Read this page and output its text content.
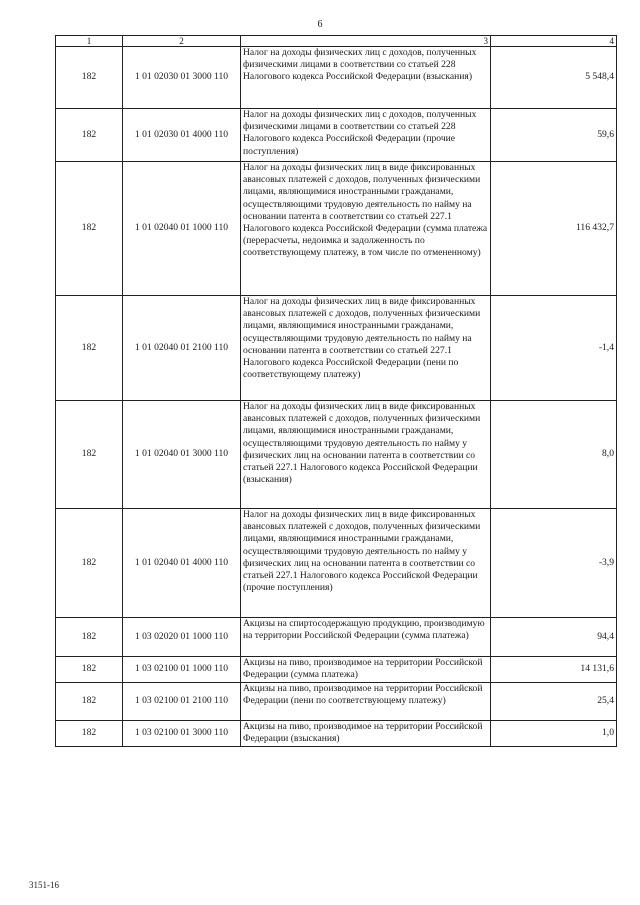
6
1	2	3	4
182	1 01 02030 01 3000 110	Налог на доходы физических лиц с доходов, полученных физическими лицами в соответствии со статьей 228 Налогового кодекса Российской Федерации (взыскания)	5 548,4
182	1 01 02030 01 4000 110	Налог на доходы физических лиц с доходов, полученных физическими лицами в соответствии со статьей 228 Налогового кодекса Российской Федерации (прочие поступления)	59,6
182	1 01 02040 01 1000 110	Налог на доходы физических лиц в виде фиксированных авансовых платежей с доходов, полученных физическими лицами, являющимися иностранными гражданами, осуществляющими трудовую деятельность по найму на основании патента в соответствии со статьей 227.1 Налогового кодекса Российской Федерации (сумма платежа (перерасчеты, недоимка и задолженность по соответствующему платежу, в том числе по отмененному)	116 432,7
182	1 01 02040 01 2100 110	Налог на доходы физических лиц в виде фиксированных авансовых платежей с доходов, полученных физическими лицами, являющимися иностранными гражданами, осуществляющими трудовую деятельность по найму на основании патента в соответствии со статьей 227.1 Налогового кодекса Российской Федерации (пени по соответствующему платежу)	-1,4
182	1 01 02040 01 3000 110	Налог на доходы физических лиц в виде фиксированных авансовых платежей с доходов, полученных физическими лицами, являющимися иностранными гражданами, осуществляющими трудовую деятельность по найму у физических лиц на основании патента в соответствии со статьей 227.1 Налогового кодекса Российской Федерации (взыскания)	8,0
182	1 01 02040 01 4000 110	Налог на доходы физических лиц в виде фиксированных авансовых платежей с доходов, полученных физическими лицами, являющимися иностранными гражданами, осуществляющими трудовую деятельность по найму у физических лиц на основании патента в соответствии со статьей 227.1 Налогового кодекса Российской Федерации (прочие поступления)	-3,9
182	1 03 02020 01 1000 110	Акцизы на спиртосодержащую продукцию, производимую на территории Российской Федерации (сумма платежа)	94,4
182	1 03 02100 01 1000 110	Акцизы на пиво, производимое на территории Российской Федерации (сумма платежа)	14 131,6
182	1 03 02100 01 2100 110	Акцизы на пиво, производимое на территории Российской Федерации (пени по соответствующему платежу)	25,4
182	1 03 02100 01 3000 110	Акцизы на пиво, производимое на территории Российской Федерации (взыскания)	1,0
3151-16
